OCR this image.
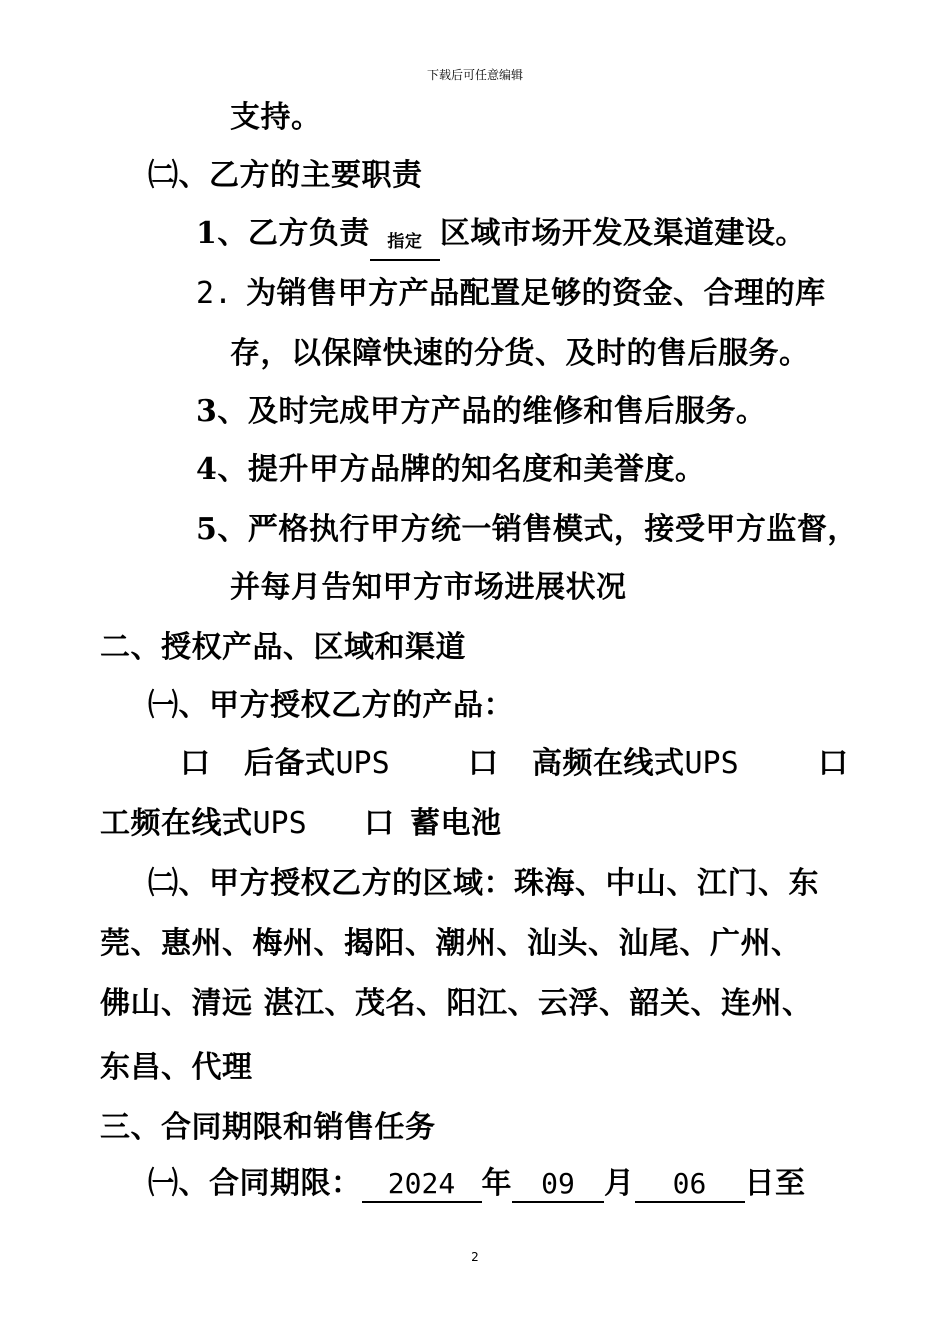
下载后可任意编辑
支持。
㈡、乙方的主要职责
1、乙方负责 指定 区域市场开发及渠道建设。
2. 为销售甲方产品配置足够的资金、合理的库
存，以保障快速的分货、及时的售后服务。
3、及时完成甲方产品的维修和售后服务。
4、提升甲方品牌的知名度和美誉度。
5、严格执行甲方统一销售模式，接受甲方监督，
并每月告知甲方市场进展状况
二、授权产品、区域和渠道
㈠、甲方授权乙方的产品：
口 后备式UPS	口 高频在线式UPS	口
工频在线式UPS 口 蓄电池
㈡、甲方授权乙方的区域：珠海、中山、江门、东
莞、惠州、梅州、揭阳、潮州、汕头、汕尾、广州、
佛山、清远 湛江、茂名、阳江、云浮、韶关、连州、
东昌、代理
三、合同期限和销售任务
㈠、合同期限： 2024 年 09 月 06 日至
2
